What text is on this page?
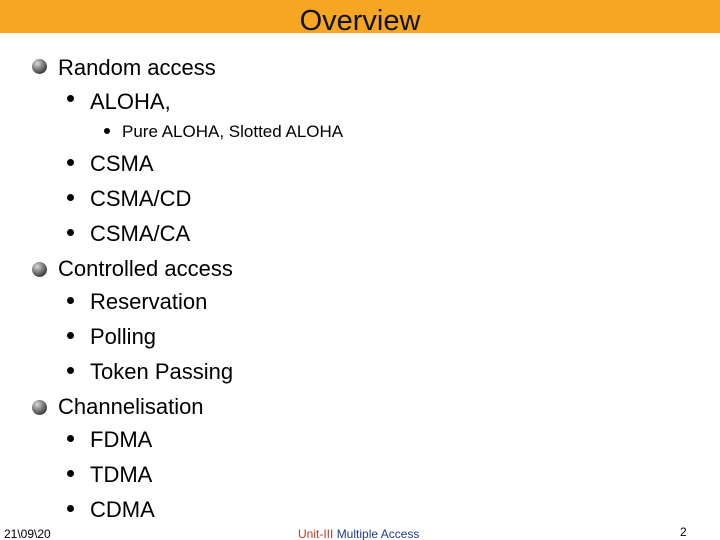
Overview
Random access
ALOHA,
Pure ALOHA, Slotted ALOHA
CSMA
CSMA/CD
CSMA/CA
Controlled access
Reservation
Polling
Token Passing
Channelisation
FDMA
TDMA
CDMA
21\09\20	Unit-III Multiple Access	2
